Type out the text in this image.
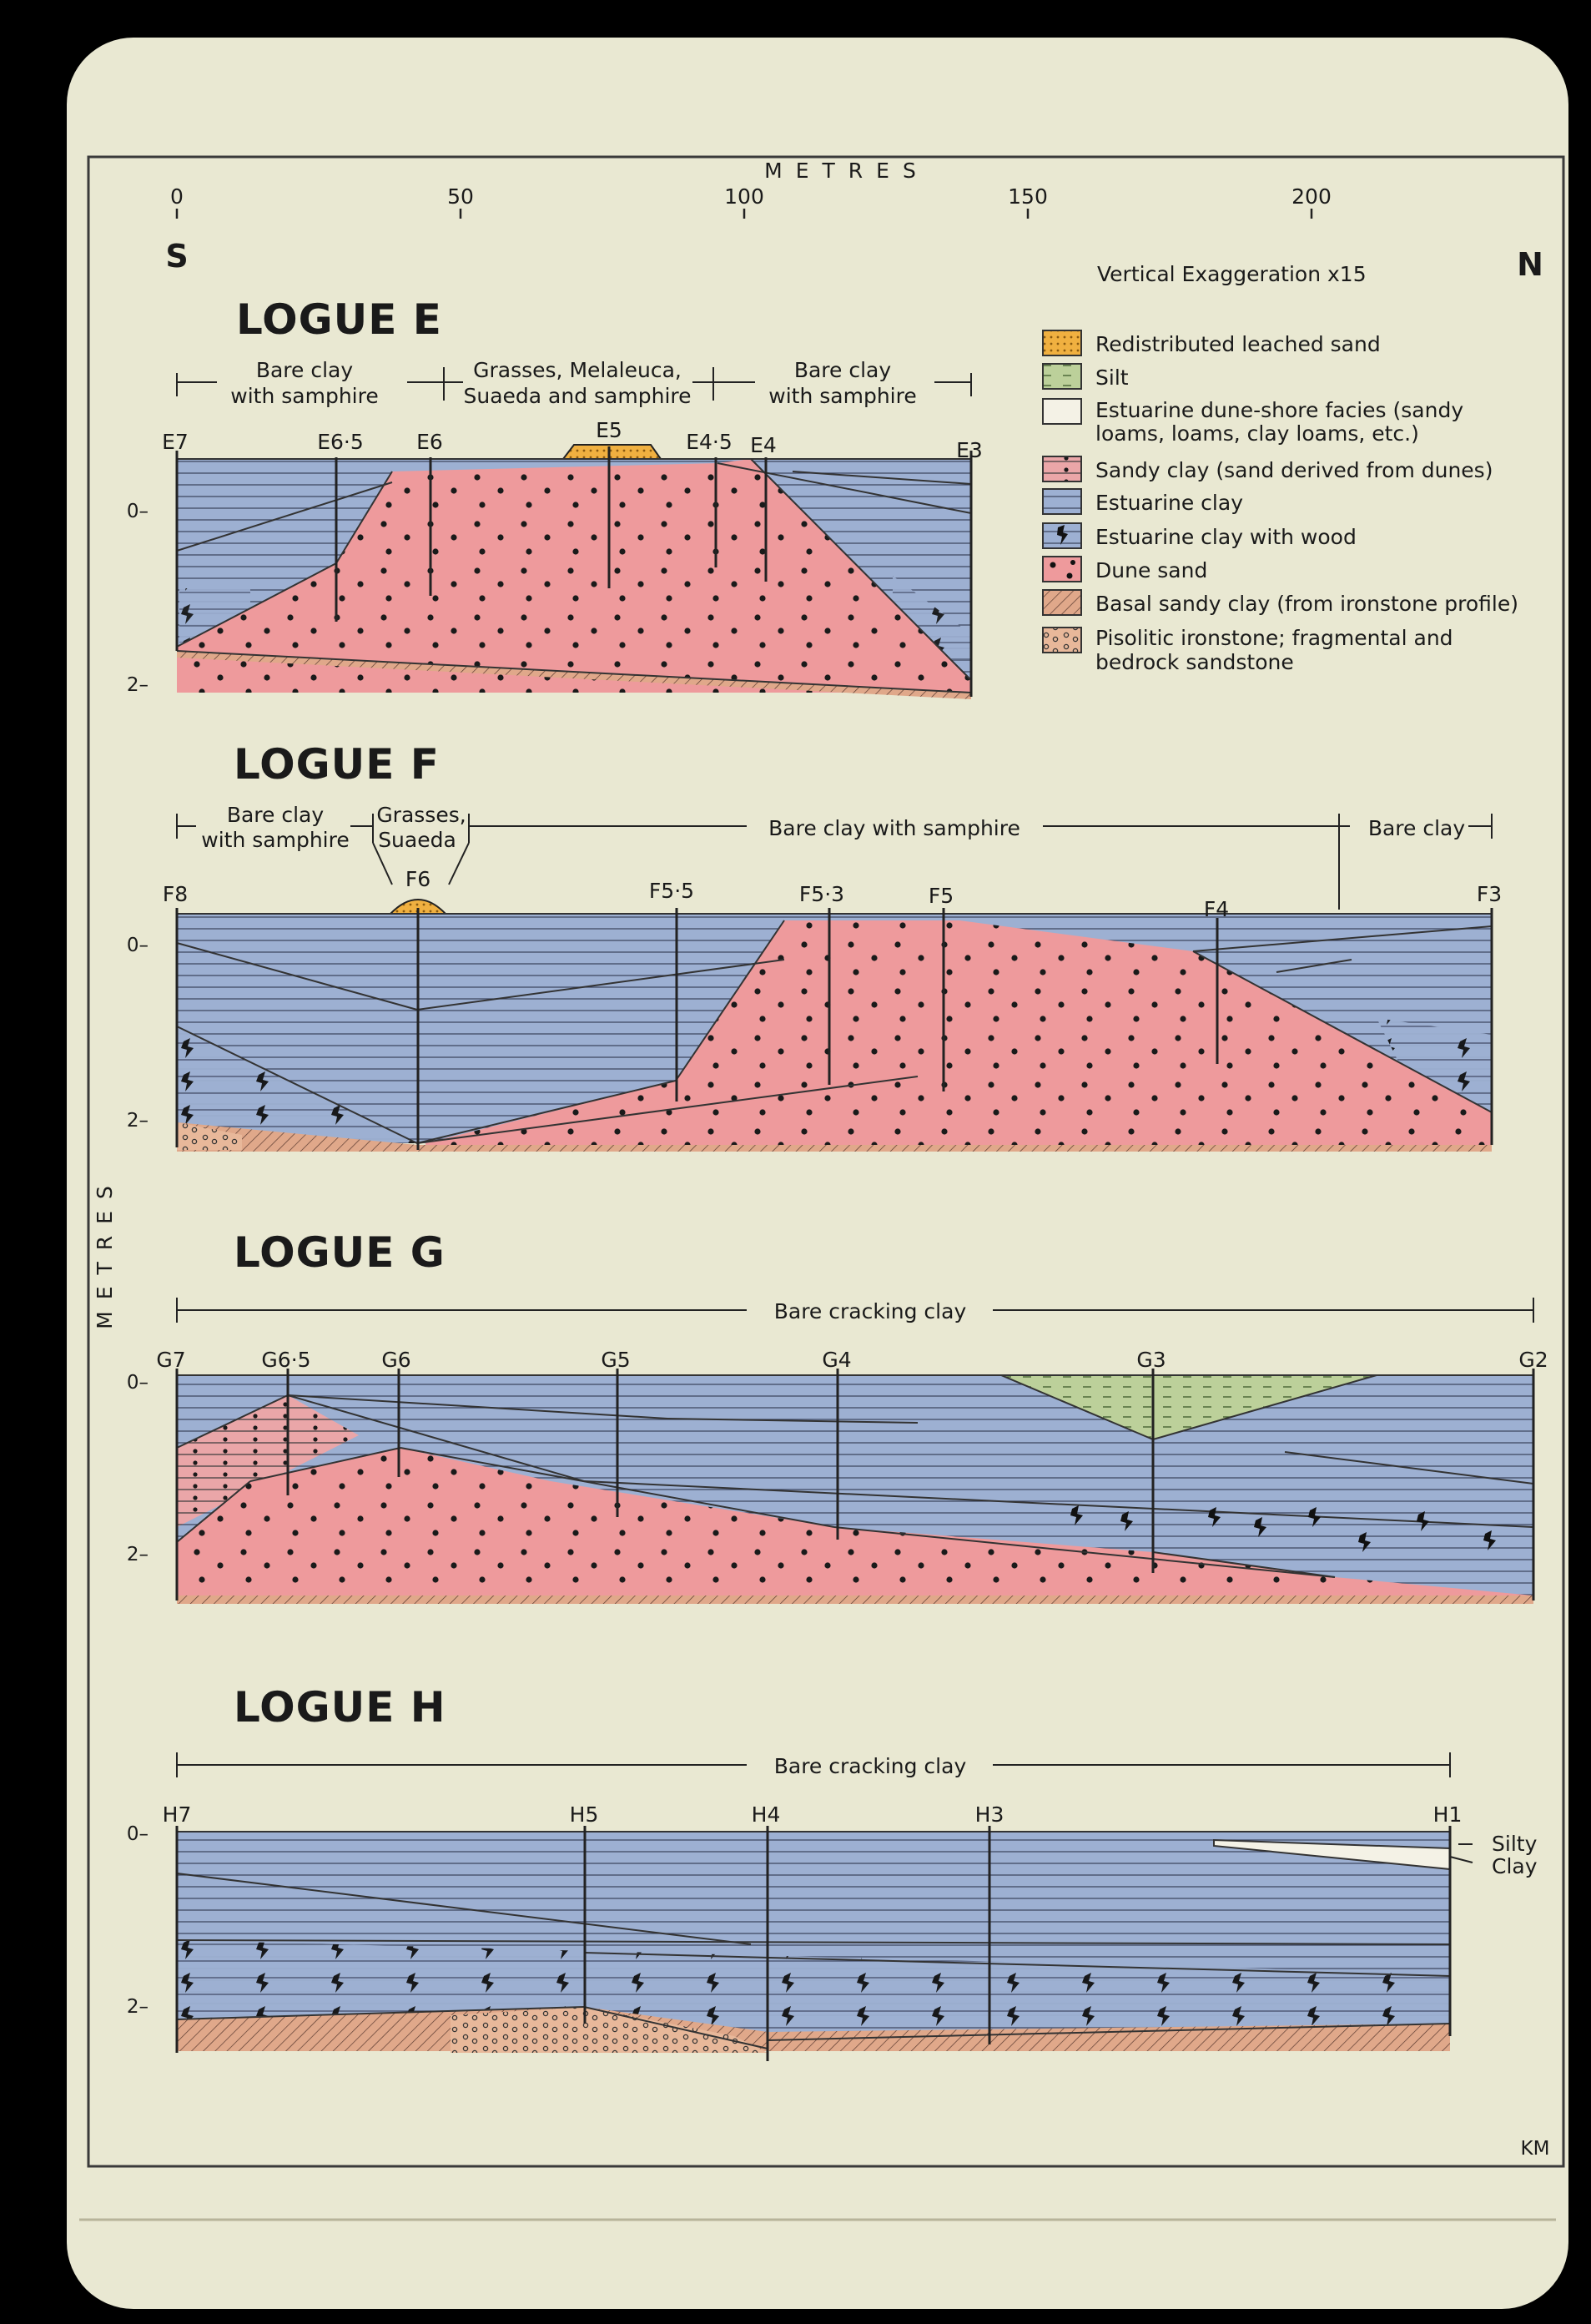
METRES
0	50	100	150	200
S	N
Vertical Exaggeration x15
METRES
Redistributed leached sand
Silt
Estuarine dune-shore facies (sandy
loams, loams, clay loams, etc.)
Sandy clay (sand derived from dunes)
Estuarine clay
Estuarine clay with wood
Dune sand
Basal sandy clay (from ironstone profile)
Pisolitic ironstone; fragmental and
bedrock sandstone
LOGUE E
Bare clay
with samphire
Grasses, Melaleuca,
Suaeda and samphire
Bare clay
with samphire
E7	E6·5	E6	E5	E4·5 E4	E3
0–
2–
LOGUE F
Bare clay
with samphire
Grasses,
Suaeda	Bare clay with samphire	Bare clay
F8
F6	F5·5	F5·3	F5
F4
F3
0–
2–
LOGUE G
Bare cracking clay
G7	G6·5	G6	G5	G4	G3	G2
0–
2–
LOGUE H
Bare cracking clay
H7	H5	H4	H3	H1
Silty
Clay
0–
2–
KM
